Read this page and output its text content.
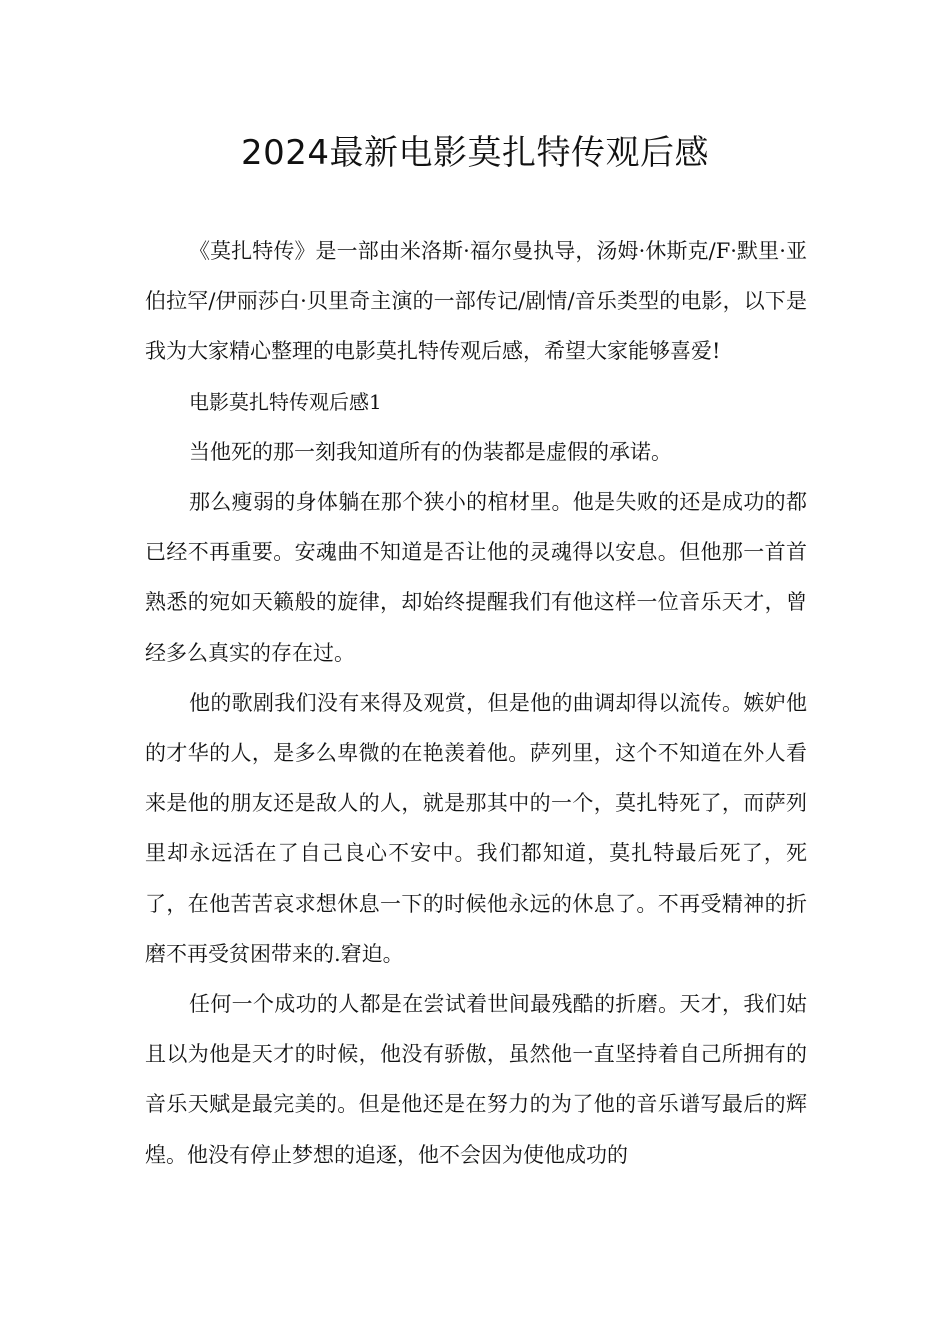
2024最新电影莫扎特传观后感

《莫扎特传》是一部由米洛斯·福尔曼执导，汤姆·休斯克/F·默里·亚伯拉罕/伊丽莎白·贝里奇主演的一部传记/剧情/音乐类型的电影，以下是我为大家精心整理的电影莫扎特传观后感，希望大家能够喜爱!

电影莫扎特传观后感1

当他死的那一刻我知道所有的伪装都是虚假的承诺。

那么瘦弱的身体躺在那个狭小的棺材里。他是失败的还是成功的都已经不再重要。安魂曲不知道是否让他的灵魂得以安息。但他那一首首熟悉的宛如天籁般的旋律，却始终提醒我们有他这样一位音乐天才，曾经多么真实的存在过。

他的歌剧我们没有来得及观赏，但是他的曲调却得以流传。嫉妒他的才华的人，是多么卑微的在艳羡着他。萨列里，这个不知道在外人看来是他的朋友还是敌人的人，就是那其中的一个，莫扎特死了，而萨列里却永远活在了自己良心不安中。我们都知道，莫扎特最后死了，死了，在他苦苦哀求想休息一下的时候他永远的休息了。不再受精神的折磨不再受贫困带来的.窘迫。

任何一个成功的人都是在尝试着世间最残酷的折磨。天才，我们姑且以为他是天才的时候，他没有骄傲，虽然他一直坚持着自己所拥有的音乐天赋是最完美的。但是他还是在努力的为了他的音乐谱写最后的辉煌。他没有停止梦想的追逐，他不会因为使他成功的
